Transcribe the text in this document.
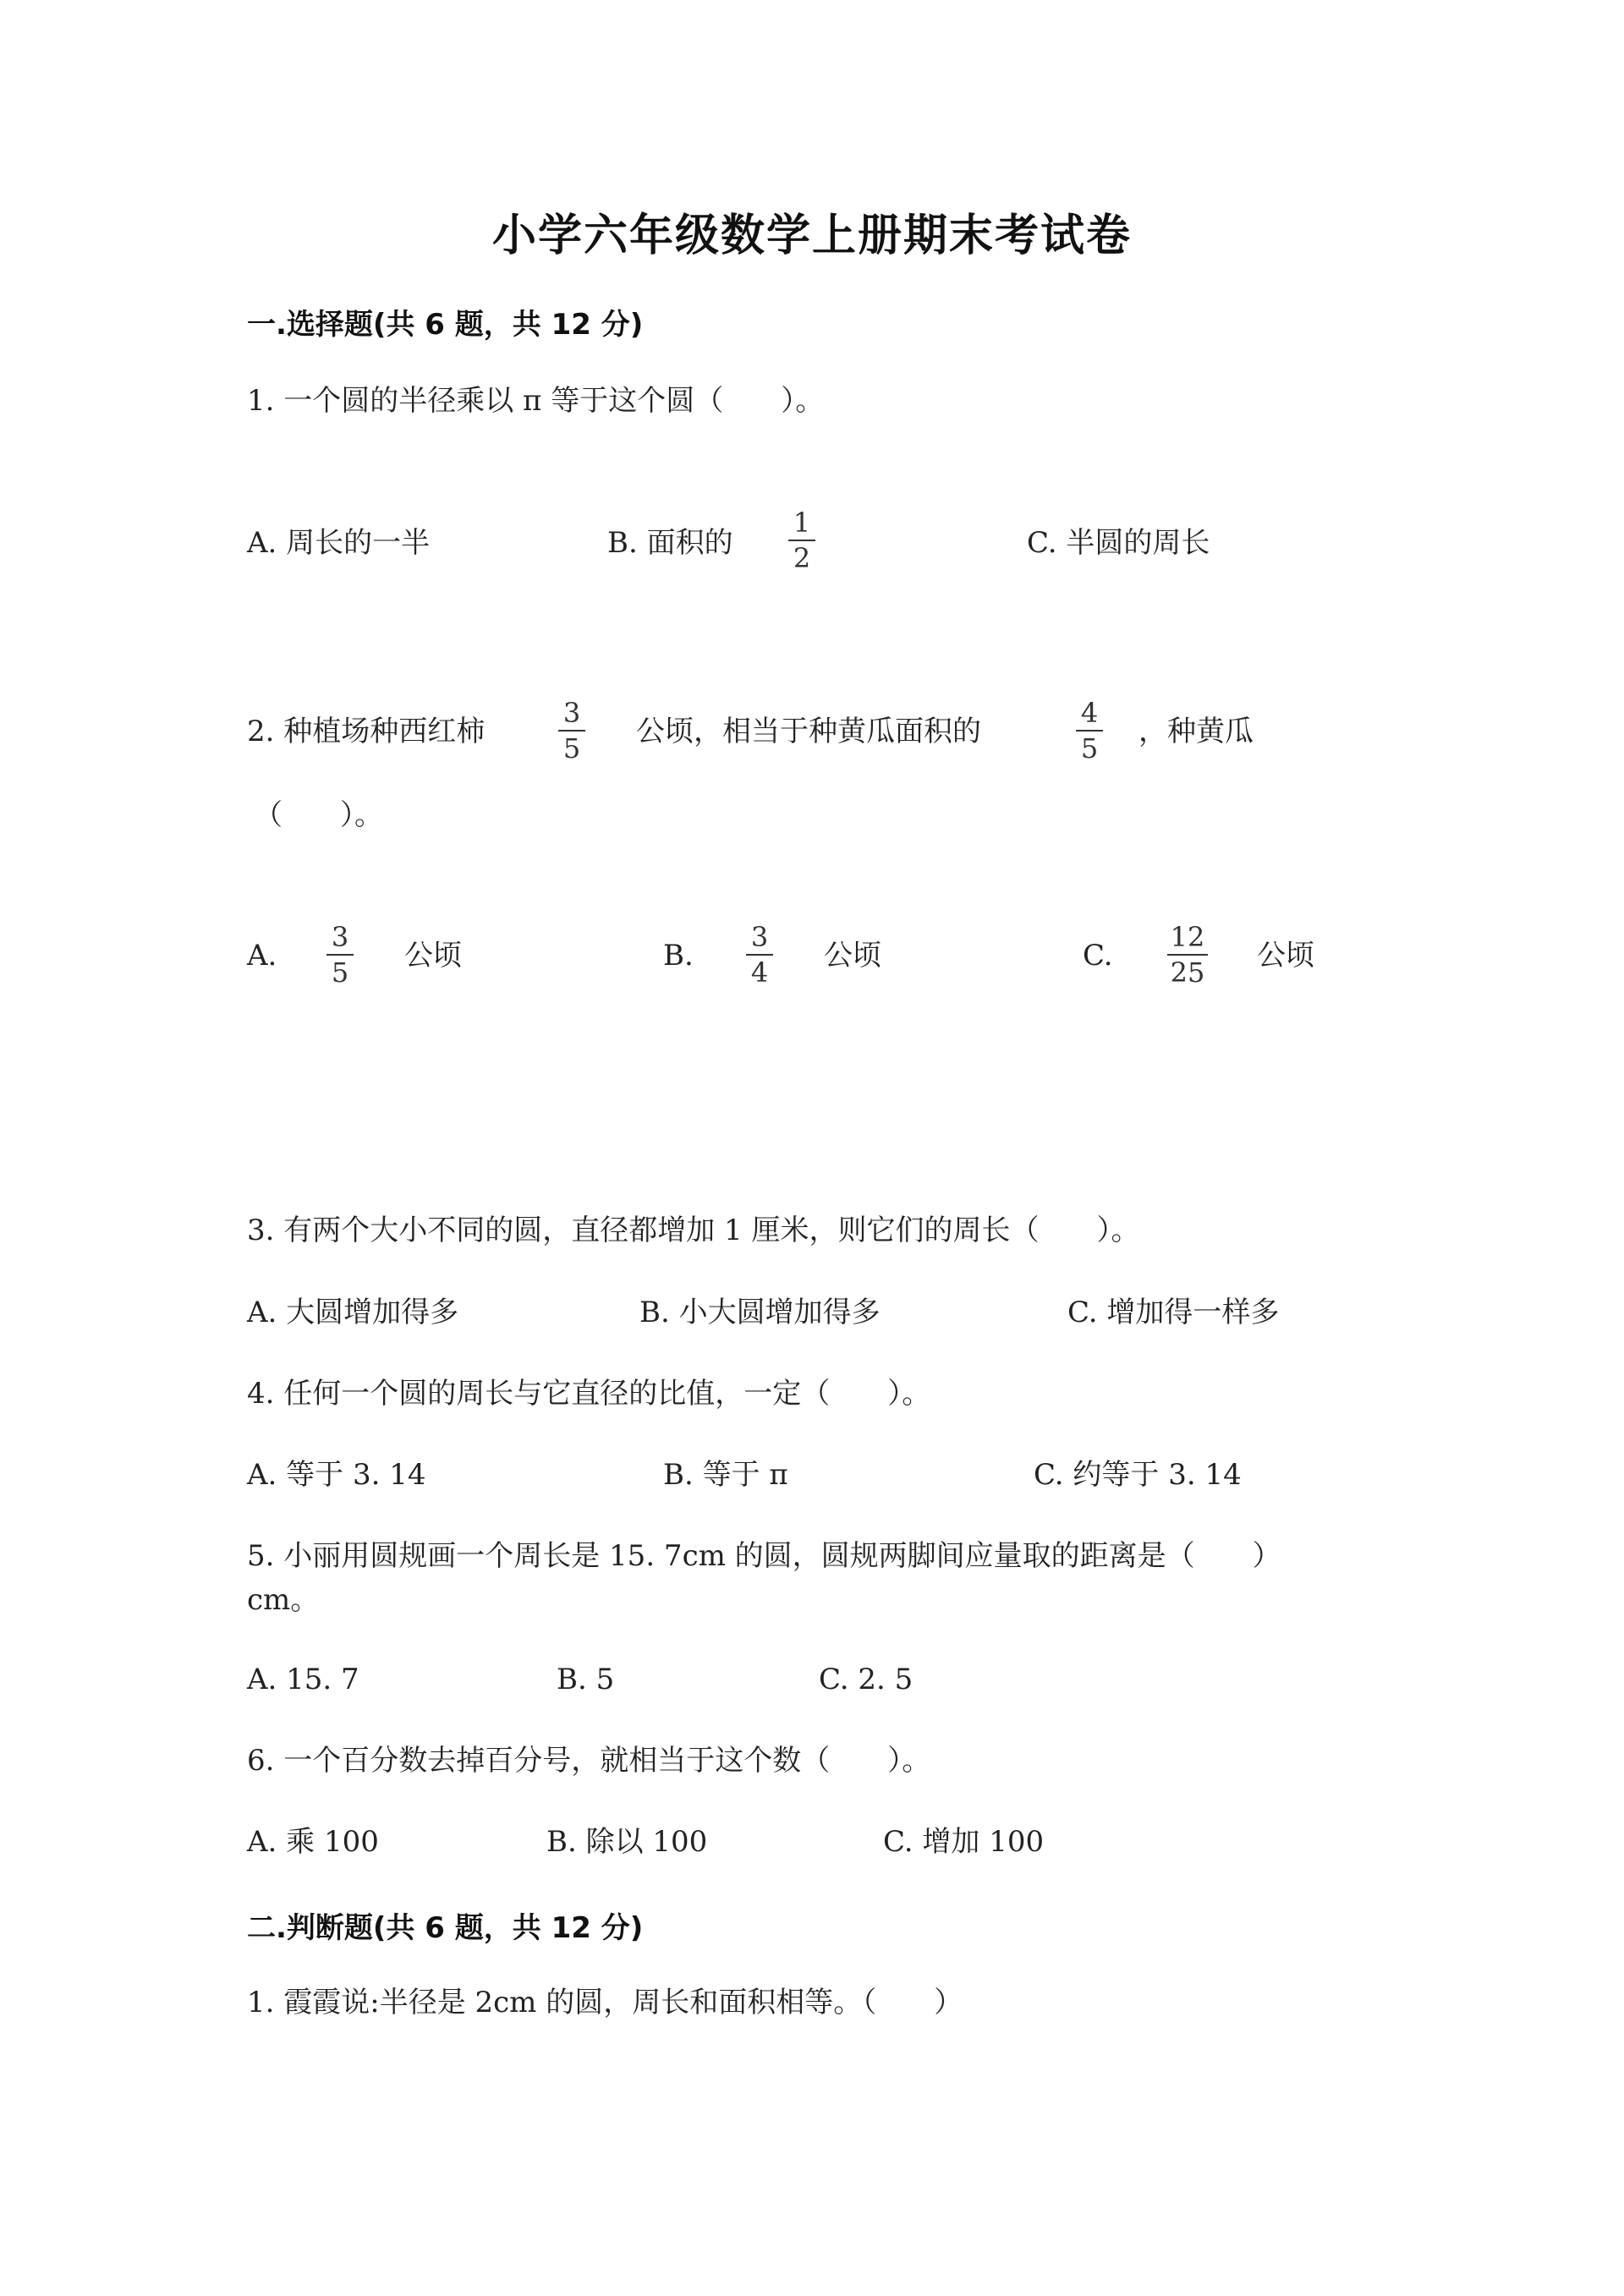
小学六年级数学上册期末考试卷
一.选择题(共 6 题，共 12 分)
1. 一个圆的半径乘以 π 等于这个圆（　　）。
A. 周长的一半	B. 面积的
1
2	C. 半圆的周长
2. 种植场种西红柿
3
5 公顷，相当于种黄瓜面积的
4
5 ，种黄瓜
（　　）。
A.
3
5 公顷	B.
3
4 公顷	C.
12
25 公顷
3. 有两个大小不同的圆，直径都增加 1 厘米，则它们的周长（　　）。
A. 大圆增加得多	B. 小大圆增加得多	C. 增加得一样多
4. 任何一个圆的周长与它直径的比值，一定（　　）。
A. 等于 3. 14	B. 等于 π	C. 约等于 3. 14
5. 小丽用圆规画一个周长是 15. 7cm 的圆，圆规两脚间应量取的距离是（　　）
cm。
A. 15. 7	B. 5	C. 2. 5
6. 一个百分数去掉百分号，就相当于这个数（　　）。
A. 乘 100	B. 除以 100	C. 增加 100
二.判断题(共 6 题，共 12 分)
1. 霞霞说:半径是 2cm 的圆，周长和面积相等。（　　）
